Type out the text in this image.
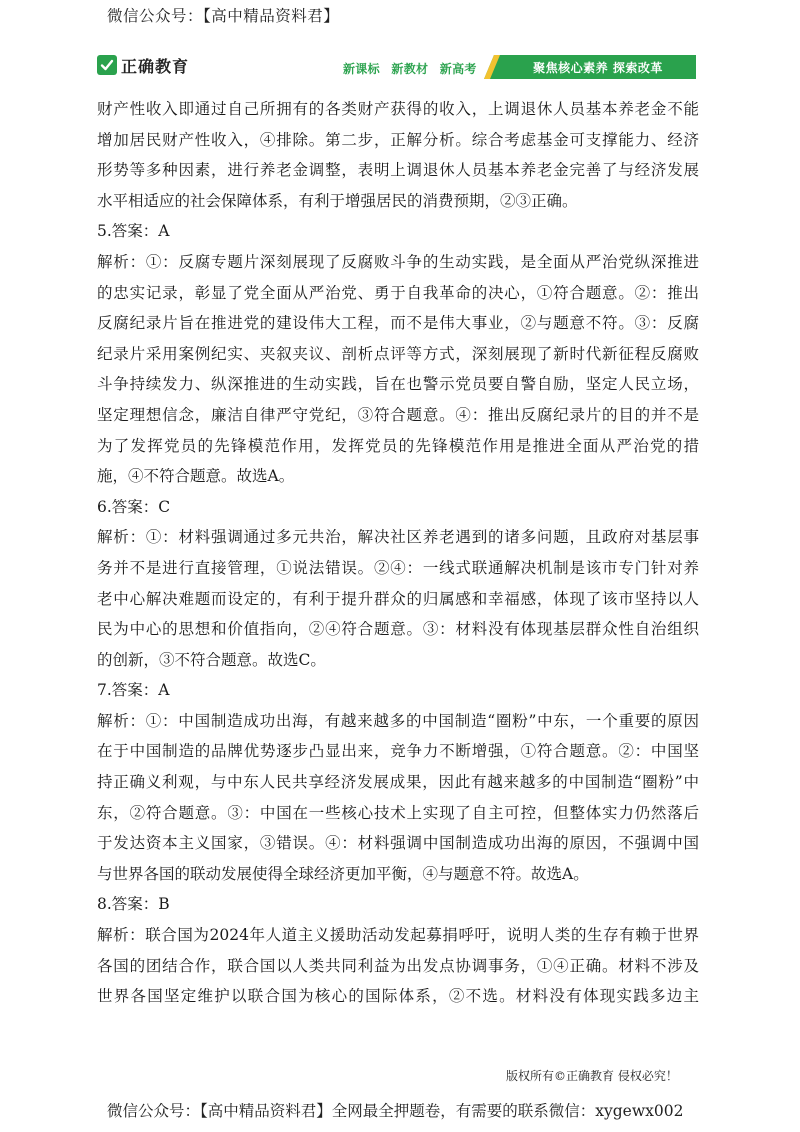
微信公众号：【高中精品资料君】
正确教育	新课标 新教材 新高考	聚焦核心素养 探索改革
财产性收入即通过自己所拥有的各类财产获得的收入，上调退休人员基本养老金不能
增加居民财产性收入，④排除。第二步，正解分析。综合考虑基金可支撑能力、经济
形势等多种因素，进行养老金调整，表明上调退休人员基本养老金完善了与经济发展
水平相适应的社会保障体系，有利于增强居民的消费预期，②③正确。
5.答案：A
解析：①：反腐专题片深刻展现了反腐败斗争的生动实践，是全面从严治党纵深推进
的忠实记录，彰显了党全面从严治党、勇于自我革命的决心，①符合题意。②：推出
反腐纪录片旨在推进党的建设伟大工程，而不是伟大事业，②与题意不符。③：反腐
纪录片采用案例纪实、夹叙夹议、剖析点评等方式，深刻展现了新时代新征程反腐败
斗争持续发力、纵深推进的生动实践，旨在也警示党员要自警自励，坚定人民立场，
坚定理想信念，廉洁自律严守党纪，③符合题意。④：推出反腐纪录片的目的并不是
为了发挥党员的先锋模范作用，发挥党员的先锋模范作用是推进全面从严治党的措
施，④不符合题意。故选A。
6.答案：C
解析：①：材料强调通过多元共治，解决社区养老遇到的诸多问题，且政府对基层事
务并不是进行直接管理，①说法错误。②④：一线式联通解决机制是该市专门针对养
老中心解决难题而设定的，有利于提升群众的归属感和幸福感，体现了该市坚持以人
民为中心的思想和价值指向，②④符合题意。③：材料没有体现基层群众性自治组织
的创新，③不符合题意。故选C。
7.答案：A
解析：①：中国制造成功出海，有越来越多的中国制造“圈粉”中东，一个重要的原因
在于中国制造的品牌优势逐步凸显出来，竞争力不断增强，①符合题意。②：中国坚
持正确义利观，与中东人民共享经济发展成果，因此有越来越多的中国制造“圈粉”中
东，②符合题意。③：中国在一些核心技术上实现了自主可控，但整体实力仍然落后
于发达资本主义国家，③错误。④：材料强调中国制造成功出海的原因，不强调中国
与世界各国的联动发展使得全球经济更加平衡，④与题意不符。故选A。
8.答案：B
解析：联合国为2024年人道主义援助活动发起募捐呼吁，说明人类的生存有赖于世界
各国的团结合作，联合国以人类共同利益为出发点协调事务，①④正确。材料不涉及
世界各国坚定维护以联合国为核心的国际体系，②不选。材料没有体现实践多边主
版权所有©正确教育 侵权必究！
微信公众号：【高中精品资料君】全网最全押题卷，有需要的联系微信：xygewx002
